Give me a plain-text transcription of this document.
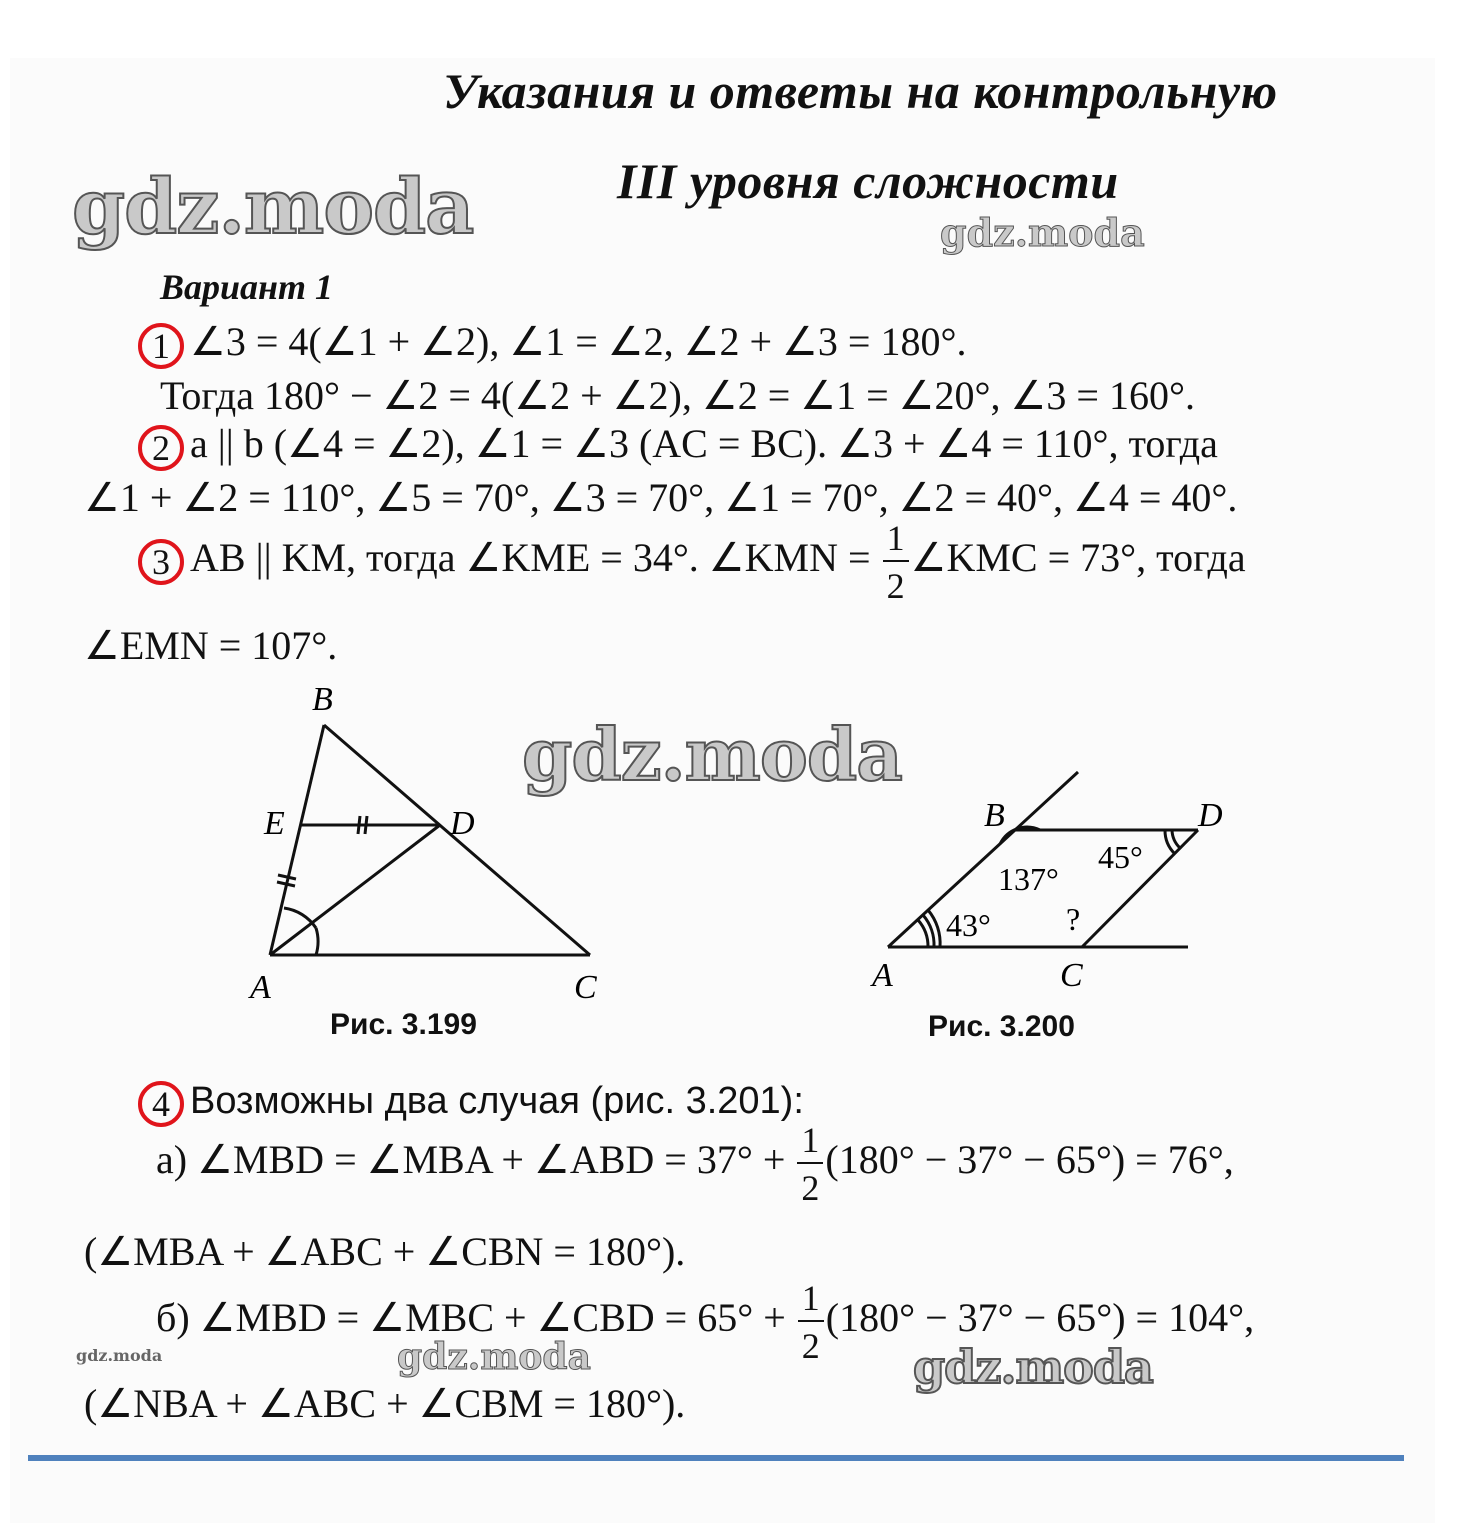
Указания и ответы на контрольную
III уровня сложности
gdz.moda	gdz.moda
gdz.moda
gdz.moda	gdz.moda
gdz.moda
Вариант 1
1 ∠3 = 4(∠1 + ∠2), ∠1 = ∠2, ∠2 + ∠3 = 180°.
Тогда 180° − ∠2 = 4(∠2 + ∠2), ∠2 = ∠1 = ∠20°, ∠3 = 160°.
2 a || b (∠4 = ∠2), ∠1 = ∠3 (AC = BC). ∠3 + ∠4 = 110°, тогда
∠1 + ∠2 = 110°, ∠5 = 70°, ∠3 = 70°, ∠1 = 70°, ∠2 = 40°, ∠4 = 40°.
3 AB || KM, тогда ∠KME = 34°. ∠KMN = $\frac{1}{2}$ ∠KMC = 73°, тогда
∠EMN = 107°.
B
E	D
A	C
Рис. 3.199
B	D
A	C
137°
45°
43° ?
Рис. 3.200
4 Возможны два случая (рис. 3.201):
а) ∠MBD = ∠MBA + ∠ABD = $37^\circ + \frac{1}{2} (180^\circ - 37^\circ - 65^\circ) = 76^\circ$,
(∠MBA + ∠ABC + ∠CBN = 180°).
б) ∠MBD = ∠MBC + ∠CBD = $65^\circ + \frac{1}{2} (180^\circ - 37^\circ - 65^\circ) = 104^\circ$,
(∠NBA + ∠ABC + ∠CBM = 180°).
